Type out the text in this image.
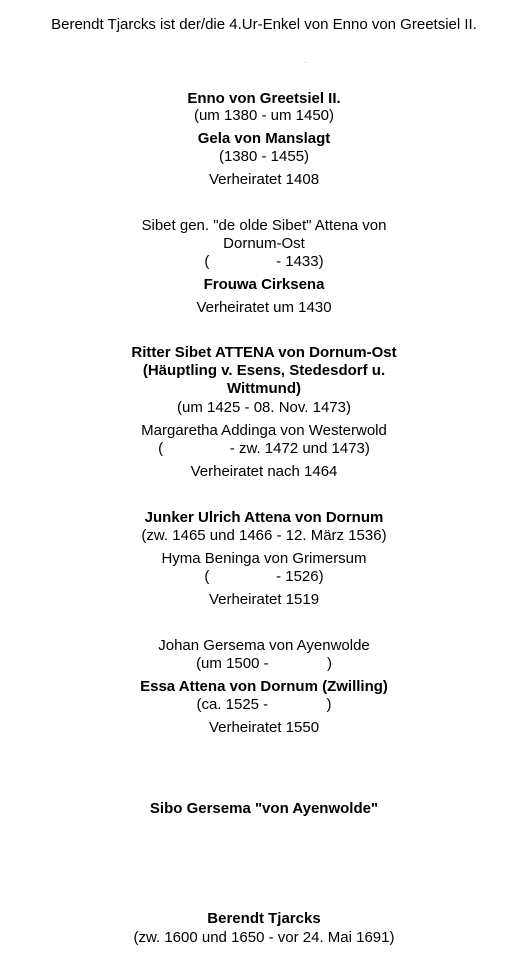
Berendt Tjarcks ist der/die 4.Ur-Enkel von Enno von Greetsiel II.
Enno von Greetsiel II.
(um 1380 - um 1450)
Gela von Manslagt
(1380 - 1455)
Verheiratet 1408
Sibet gen. "de olde Sibet" Attena von
Dornum-Ost
(                - 1433)
Frouwa Cirksena
Verheiratet um 1430
Ritter Sibet ATTENA von Dornum-Ost
(Häuptling v. Esens, Stedesdorf u.
Wittmund)
(um 1425 - 08. Nov. 1473)
Margaretha Addinga von Westerwold
(                - zw. 1472 und 1473)
Verheiratet nach 1464
Junker Ulrich Attena von Dornum
(zw. 1465 und 1466 - 12. März 1536)
Hyma Beninga von Grimersum
(                - 1526)
Verheiratet 1519
Johan Gersema von Ayenwolde
(um 1500 -              )
Essa Attena von Dornum (Zwilling)
(ca. 1525 -              )
Verheiratet 1550
Sibo Gersema "von Ayenwolde"
Berendt Tjarcks
(zw. 1600 und 1650 - vor 24. Mai 1691)
